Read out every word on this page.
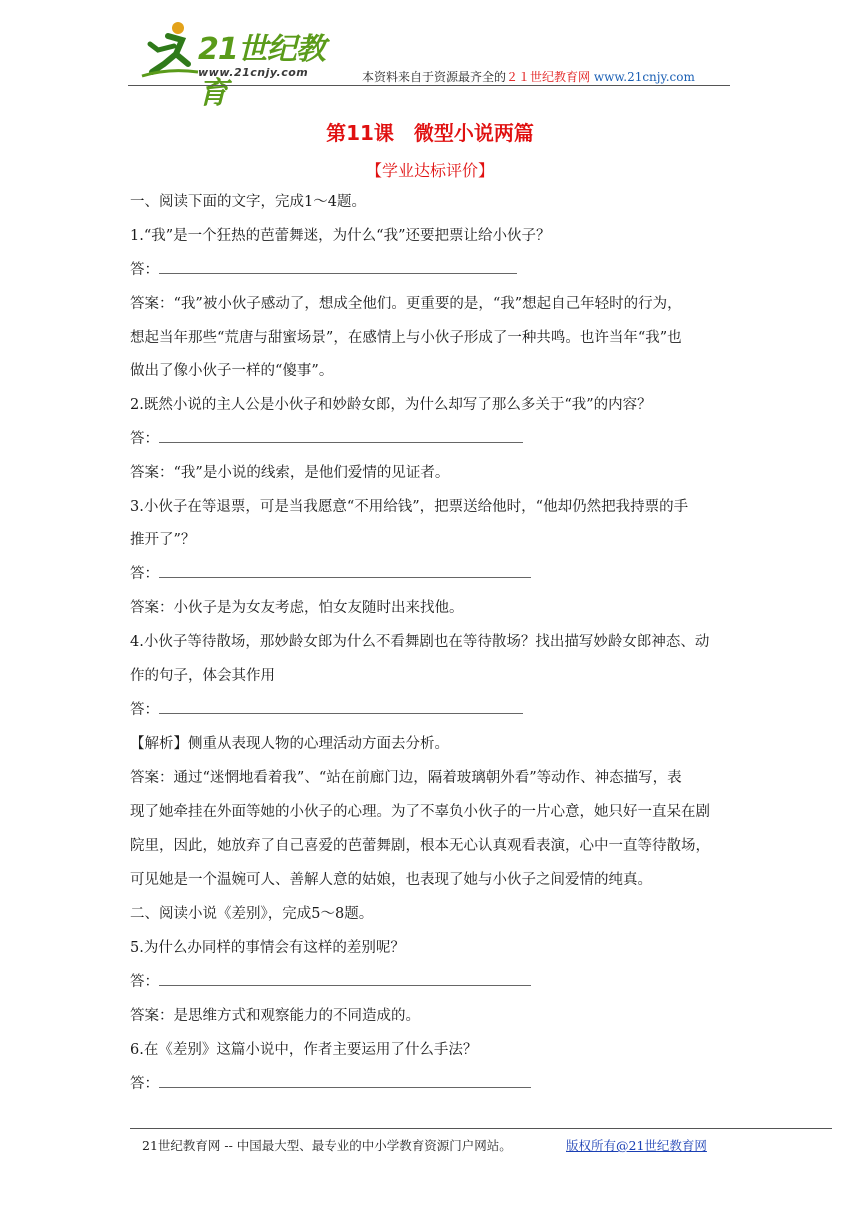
21世纪教育
www.21cnjy.com	本资料来自于资源最齐全的２１世纪教育网 www.21cnjy.com
第11课　微型小说两篇
【学业达标评价】

一、阅读下面的文字，完成1～4题。

1.“我”是一个狂热的芭蕾舞迷，为什么“我”还要把票让给小伙子？

答：

答案：“我”被小伙子感动了，想成全他们。更重要的是，“我”想起自己年轻时的行为，

想起当年那些“荒唐与甜蜜场景”，在感情上与小伙子形成了一种共鸣。也许当年“我”也

做出了像小伙子一样的“傻事”。

2.既然小说的主人公是小伙子和妙龄女郎，为什么却写了那么多关于“我”的内容？

答：

答案：“我”是小说的线索，是他们爱情的见证者。

3.小伙子在等退票，可是当我愿意“不用给钱”，把票送给他时，“他却仍然把我持票的手

推开了”？

答：

答案：小伙子是为女友考虑，怕女友随时出来找他。

4.小伙子等待散场，那妙龄女郎为什么不看舞剧也在等待散场？找出描写妙龄女郎神态、动

作的句子，体会其作用

答：

【解析】侧重从表现人物的心理活动方面去分析。

答案：通过“迷惘地看着我”、“站在前廊门边，隔着玻璃朝外看”等动作、神态描写，表

现了她牵挂在外面等她的小伙子的心理。为了不辜负小伙子的一片心意，她只好一直呆在剧

院里，因此，她放弃了自己喜爱的芭蕾舞剧，根本无心认真观看表演，心中一直等待散场，

可见她是一个温婉可人、善解人意的姑娘，也表现了她与小伙子之间爱情的纯真。

二、阅读小说《差别》，完成5～8题。

5.为什么办同样的事情会有这样的差别呢？

答：

答案：是思维方式和观察能力的不同造成的。

6.在《差别》这篇小说中，作者主要运用了什么手法？

答：

21世纪教育网 -- 中国最大型、最专业的中小学教育资源门户网站。	版权所有@21世纪教育网
